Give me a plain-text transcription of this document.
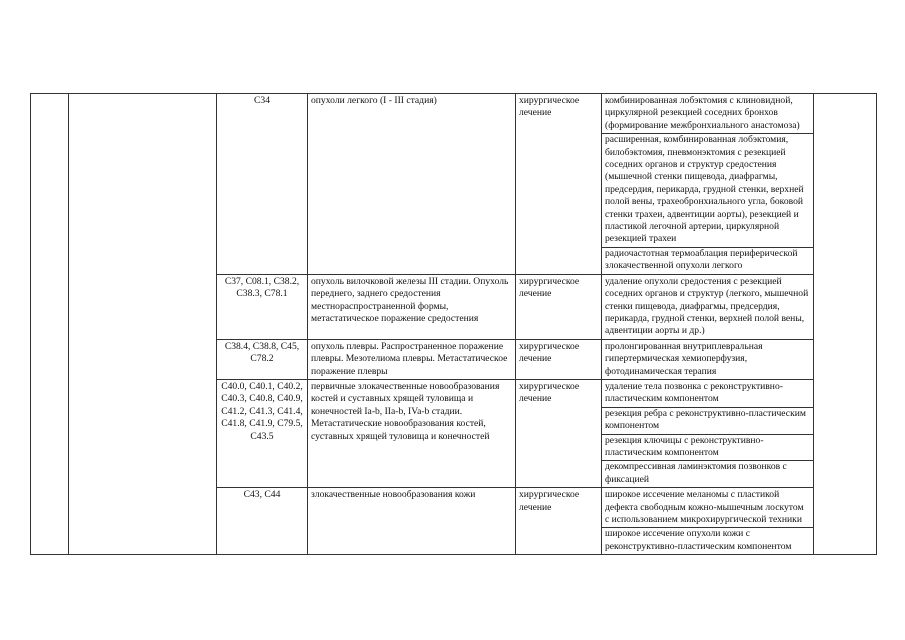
		C34	опухоли легкого (I - III стадия)	хирургическое лечение	комбинированная лобэктомия с клиновидной, циркулярной резекцией соседних бронхов (формирование межбронхиального анастомоза)
расширенная, комбинированная лобэктомия, билобэктомия, пневмонэктомия с резекцией соседних органов и структур средостения (мышечной стенки пищевода, диафрагмы, предсердия, перикарда, грудной стенки, верхней полой вены, трахеобронхиального угла, боковой стенки трахеи, адвентиции аорты), резекцией и пластикой легочной артерии, циркулярной резекцией трахеи
радиочастотная термоаблация периферической злокачественной опухоли легкого	

		C37, C08.1, C38.2, C38.3, C78.1	опухоль вилочковой железы III стадии. Опухоль переднего, заднего средостения местнораспространенной формы, метастатическое поражение средостения	хирургическое лечение	удаление опухоли средостения с резекцией соседних органов и структур (легкого, мышечной стенки пищевода, диафрагмы, предсердия, перикарда, грудной стенки, верхней полой вены, адвентиции аорты и др.)	

		C38.4, C38.8, C45, C78.2	опухоль плевры. Распространенное поражение плевры. Мезотелиома плевры. Метастатическое поражение плевры	хирургическое лечение	пролонгированная внутриплевральная гипертермическая хемиоперфузия, фотодинамическая терапия	

		C40.0, C40.1, C40.2, C40.3, C40.8, C40.9, C41.2, C41.3, C41.4, C41.8, C41.9, C79.5, C43.5	первичные злокачественные новообразования костей и суставных хрящей туловища и конечностей Ia-b, IIa-b, IVa-b стадии. Метастатические новообразования костей, суставных хрящей туловища и конечностей	хирургическое лечение	удаление тела позвонка с реконструктивно-пластическим компонентом
резекция ребра с реконструктивно-пластическим компонентом
резекция ключицы с реконструктивно-пластическим компонентом
декомпрессивная ламинэктомия позвонков с фиксацией	

		C43, C44	злокачественные новообразования кожи	хирургическое лечение	широкое иссечение меланомы с пластикой дефекта свободным кожно-мышечным лоскутом с использованием микрохирургической техники
широкое иссечение опухоли кожи с реконструктивно-пластическим компонентом	
